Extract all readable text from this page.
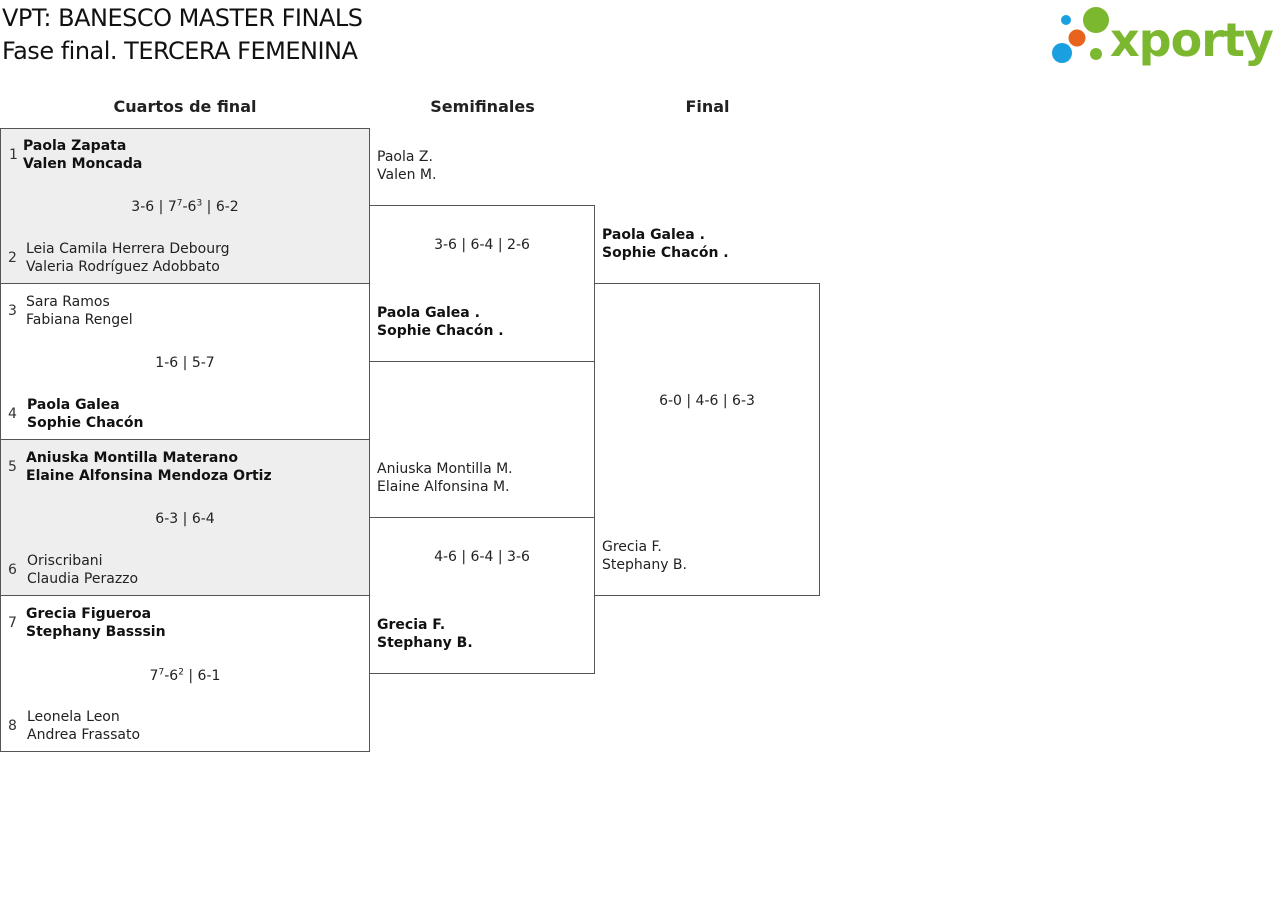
VPT: BANESCO MASTER FINALS
Fase final. TERCERA FEMENINA	xporty
Cuartos de final	Semifinales	Final
1
Paola Zapata
Valen Moncada
3-6 | $7^7-6^3$ | 6-2
2
Leia Camila Herrera Debourg
Valeria Rodríguez Adobbato
3
Sara Ramos
Fabiana Rengel
1-6 | 5-7
4
Paola Galea
Sophie Chacón
5
Aniuska Montilla Materano
Elaine Alfonsina Mendoza Ortiz
6-3 | 6-4
6
Oriscribani
Claudia Perazzo
7
Grecia Figueroa
Stephany Basssin
$7^7-6^2$ | 6-1
8
Leonela Leon
Andrea Frassato
Paola Z.
Valen M.
3-6 | 6-4 | 2-6
Paola Galea .
Sophie Chacón .
Aniuska Montilla M.
Elaine Alfonsina M.
4-6 | 6-4 | 3-6
Grecia F.
Stephany B.
Paola Galea .
Sophie Chacón .
6-0 | 4-6 | 6-3
Grecia F.
Stephany B.
